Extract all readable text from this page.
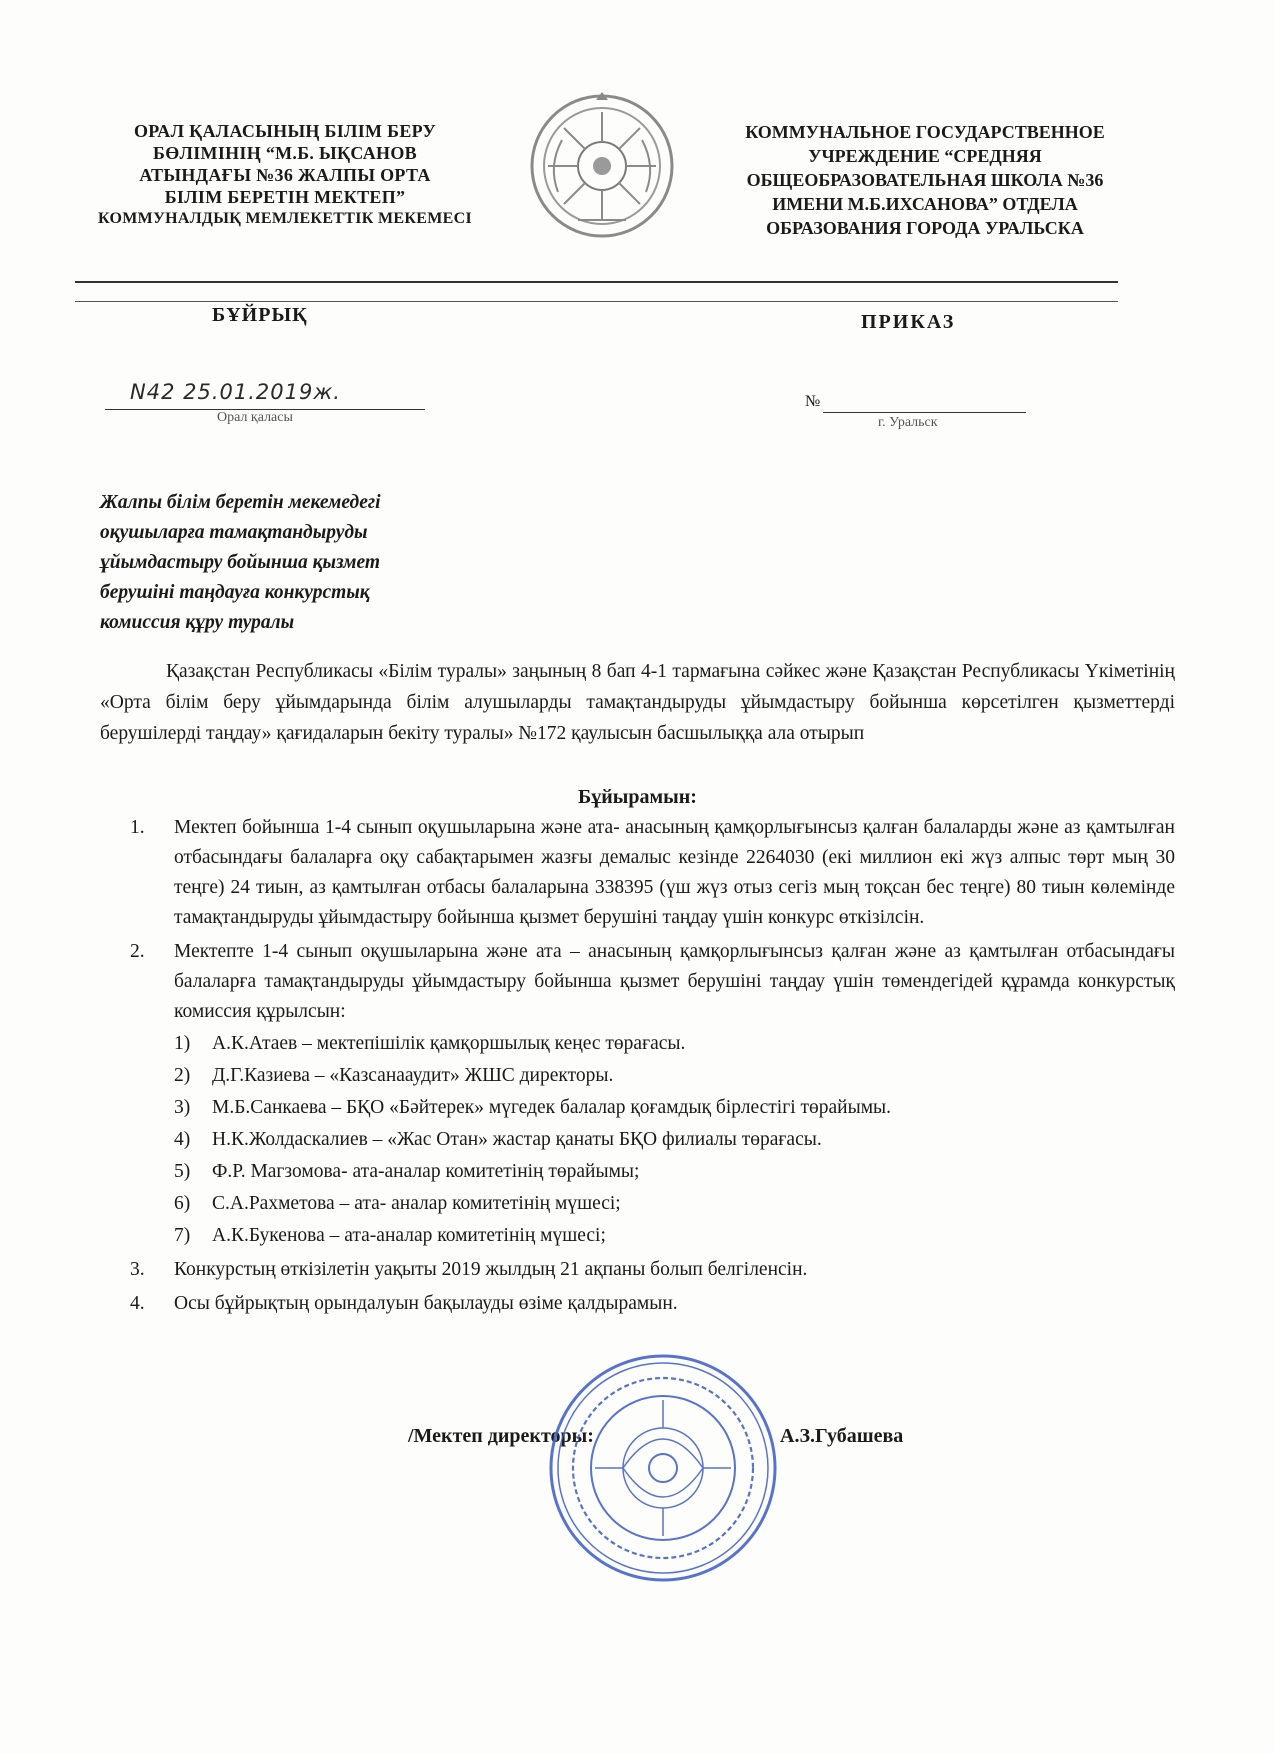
ОРАЛ ҚАЛАСЫНЫҢ БІЛІМ БЕРУ
БӨЛІМІНІҢ “М.Б. ЫҚСАНОВ
АТЫНДАҒЫ №36 ЖАЛПЫ ОРТА
БІЛІМ БЕРЕТІН МЕКТЕП”
КОММУНАЛДЫҚ МЕМЛЕКЕТТІК МЕКЕМЕСІ
КОММУНАЛЬНОЕ ГОСУДАРСТВЕННОЕ
УЧРЕЖДЕНИЕ “СРЕДНЯЯ
ОБЩЕОБРАЗОВАТЕЛЬНАЯ ШКОЛА №36
ИМЕНИ М.Б.ИХСАНОВА” ОТДЕЛА
ОБРАЗОВАНИЯ ГОРОДА УРАЛЬСКА
БҰЙРЫҚ	ПРИКАЗ
N42 25.01.2019ж.
Орал қаласы
№
г. Уральск
Жалпы білім беретін мекемедегі
оқушыларға тамақтандыруды
ұйымдастыру бойынша қызмет
берушіні таңдауға конкурстық
комиссия құру туралы
Қазақстан Республикасы «Білім туралы» заңының 8 бап 4-1 тармағына сәйкес және Қазақстан Республикасы Үкіметінің «Орта білім беру ұйымдарында білім алушыларды тамақтандыруды ұйымдастыру бойынша көрсетілген қызметтерді берушілерді таңдау» қағидаларын бекіту туралы» №172 қаулысын басшылыққа ала отырып
Бұйырамын:
1. Мектеп бойынша 1-4 сынып оқушыларына және ата- анасының қамқорлығынсыз қалған балаларды және аз қамтылған отбасындағы балаларға оқу сабақтарымен жазғы демалыс кезінде 2264030 (екі миллион екі жүз алпыс төрт мың 30 теңге) 24 тиын, аз қамтылған отбасы балаларына 338395 (үш жүз отыз сегіз мың тоқсан бес теңге) 80 тиын көлемінде тамақтандыруды ұйымдастыру бойынша қызмет берушіні таңдау үшін конкурс өткізілсін.
2. Мектепте 1-4 сынып оқушыларына және ата – анасының қамқорлығынсыз қалған және аз қамтылған отбасындағы балаларға тамақтандыруды ұйымдастыру бойынша қызмет берушіні таңдау үшін төмендегідей құрамда конкурстық комиссия құрылсын:
1) А.К.Атаев – мектепішілік қамқоршылық кеңес төрағасы.
2) Д.Г.Казиева – «Казсанааудит» ЖШС директоры.
3) М.Б.Санкаева – БҚО «Бәйтерек» мүгедек балалар қоғамдық бірлестігі төрайымы.
4) Н.К.Жолдаскалиев – «Жас Отан» жастар қанаты БҚО филиалы төрағасы.
5) Ф.Р. Магзомова- ата-аналар комитетінің төрайымы;
6) С.А.Рахметова – ата- аналар комитетінің мүшесі;
7) А.К.Букенова – ата-аналар комитетінің мүшесі;
3. Конкурстың өткізілетін уақыты 2019 жылдың 21 ақпаны болып белгіленсін.
4. Осы бұйрықтың орындалуын бақылауды өзіме қалдырамын.
/Мектеп директоры:	А.З.Губашева
